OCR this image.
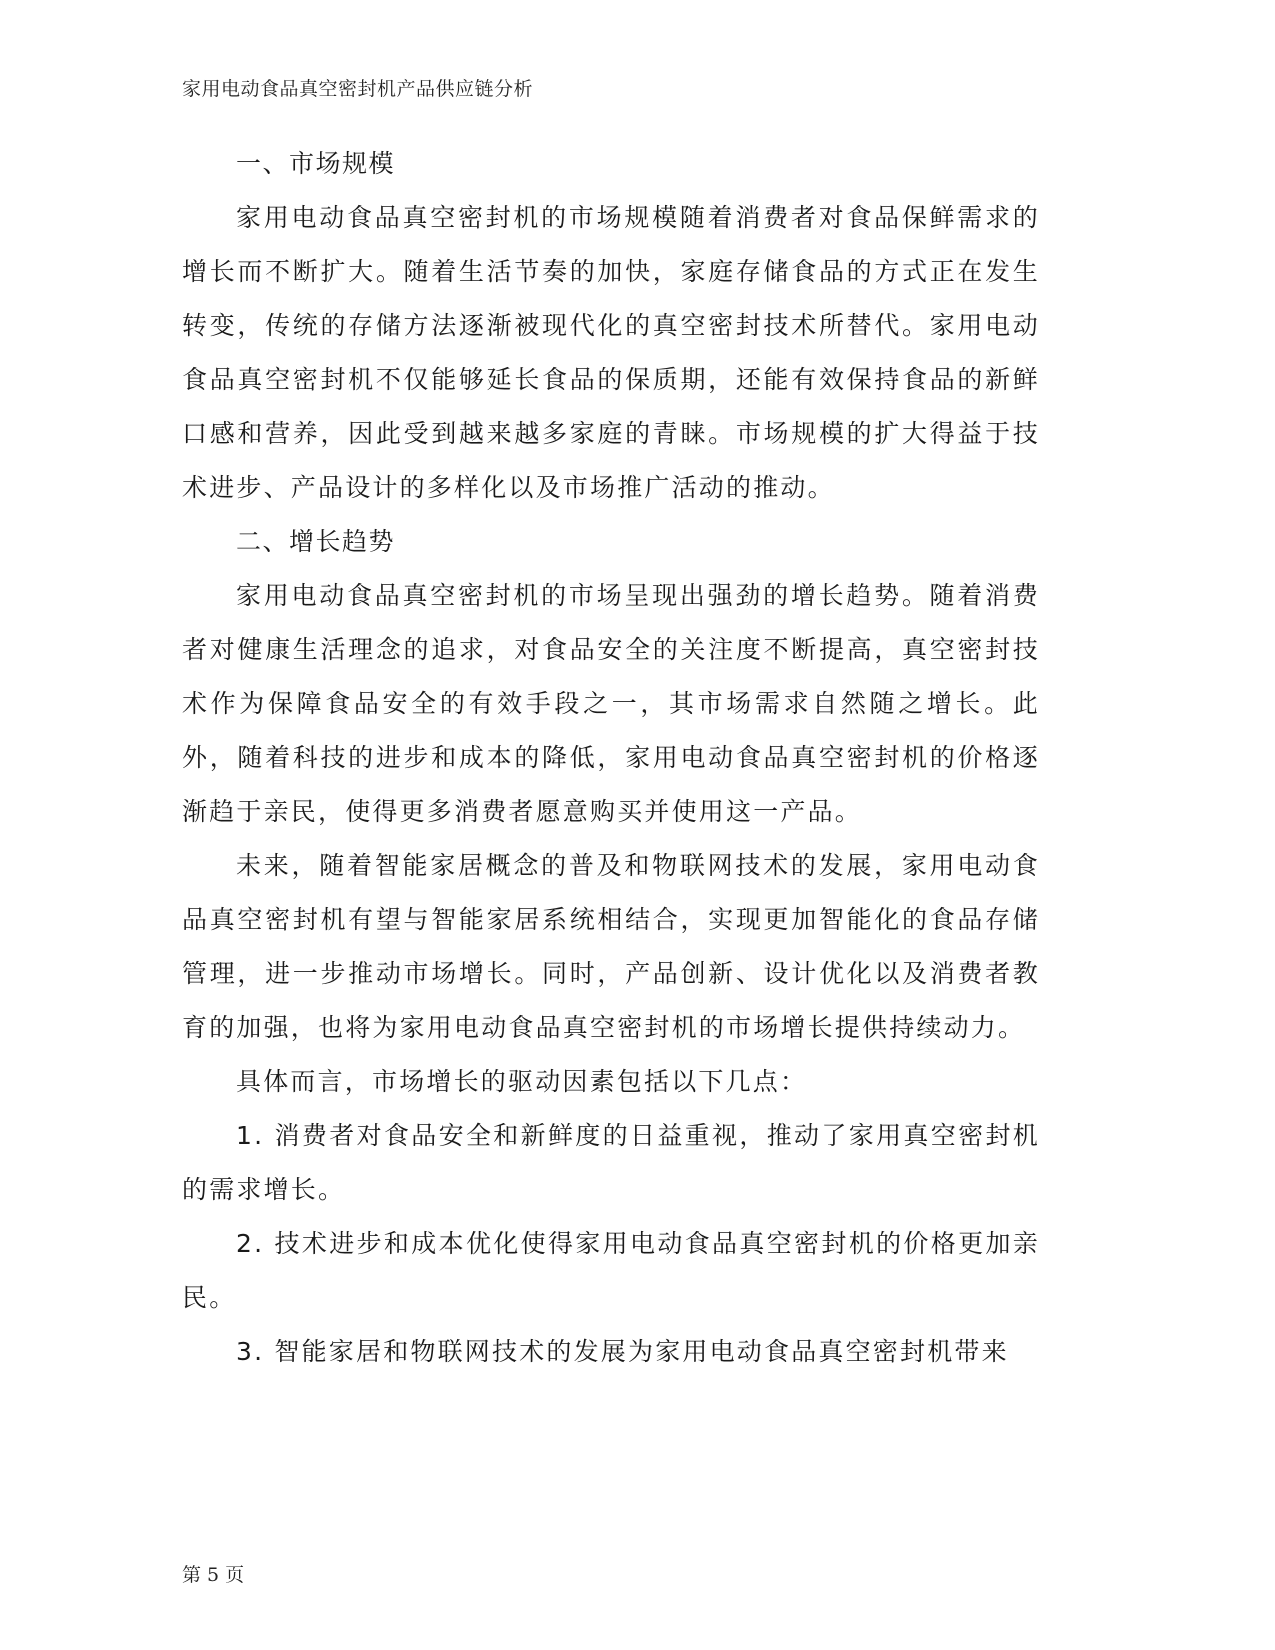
家用电动食品真空密封机产品供应链分析

一、市场规模

家用电动食品真空密封机的市场规模随着消费者对食品保鲜需求的增长而不断扩大。随着生活节奏的加快，家庭存储食品的方式正在发生转变，传统的存储方法逐渐被现代化的真空密封技术所替代。家用电动食品真空密封机不仅能够延长食品的保质期，还能有效保持食品的新鲜口感和营养，因此受到越来越多家庭的青睐。市场规模的扩大得益于技术进步、产品设计的多样化以及市场推广活动的推动。

二、增长趋势

家用电动食品真空密封机的市场呈现出强劲的增长趋势。随着消费者对健康生活理念的追求，对食品安全的关注度不断提高，真空密封技术作为保障食品安全的有效手段之一，其市场需求自然随之增长。此外，随着科技的进步和成本的降低，家用电动食品真空密封机的价格逐渐趋于亲民，使得更多消费者愿意购买并使用这一产品。

未来，随着智能家居概念的普及和物联网技术的发展，家用电动食品真空密封机有望与智能家居系统相结合，实现更加智能化的食品存储管理，进一步推动市场增长。同时，产品创新、设计优化以及消费者教育的加强，也将为家用电动食品真空密封机的市场增长提供持续动力。

具体而言，市场增长的驱动因素包括以下几点：

1. 消费者对食品安全和新鲜度的日益重视，推动了家用真空密封机的需求增长。

2. 技术进步和成本优化使得家用电动食品真空密封机的价格更加亲民。

3. 智能家居和物联网技术的发展为家用电动食品真空密封机带来

第 5 页
